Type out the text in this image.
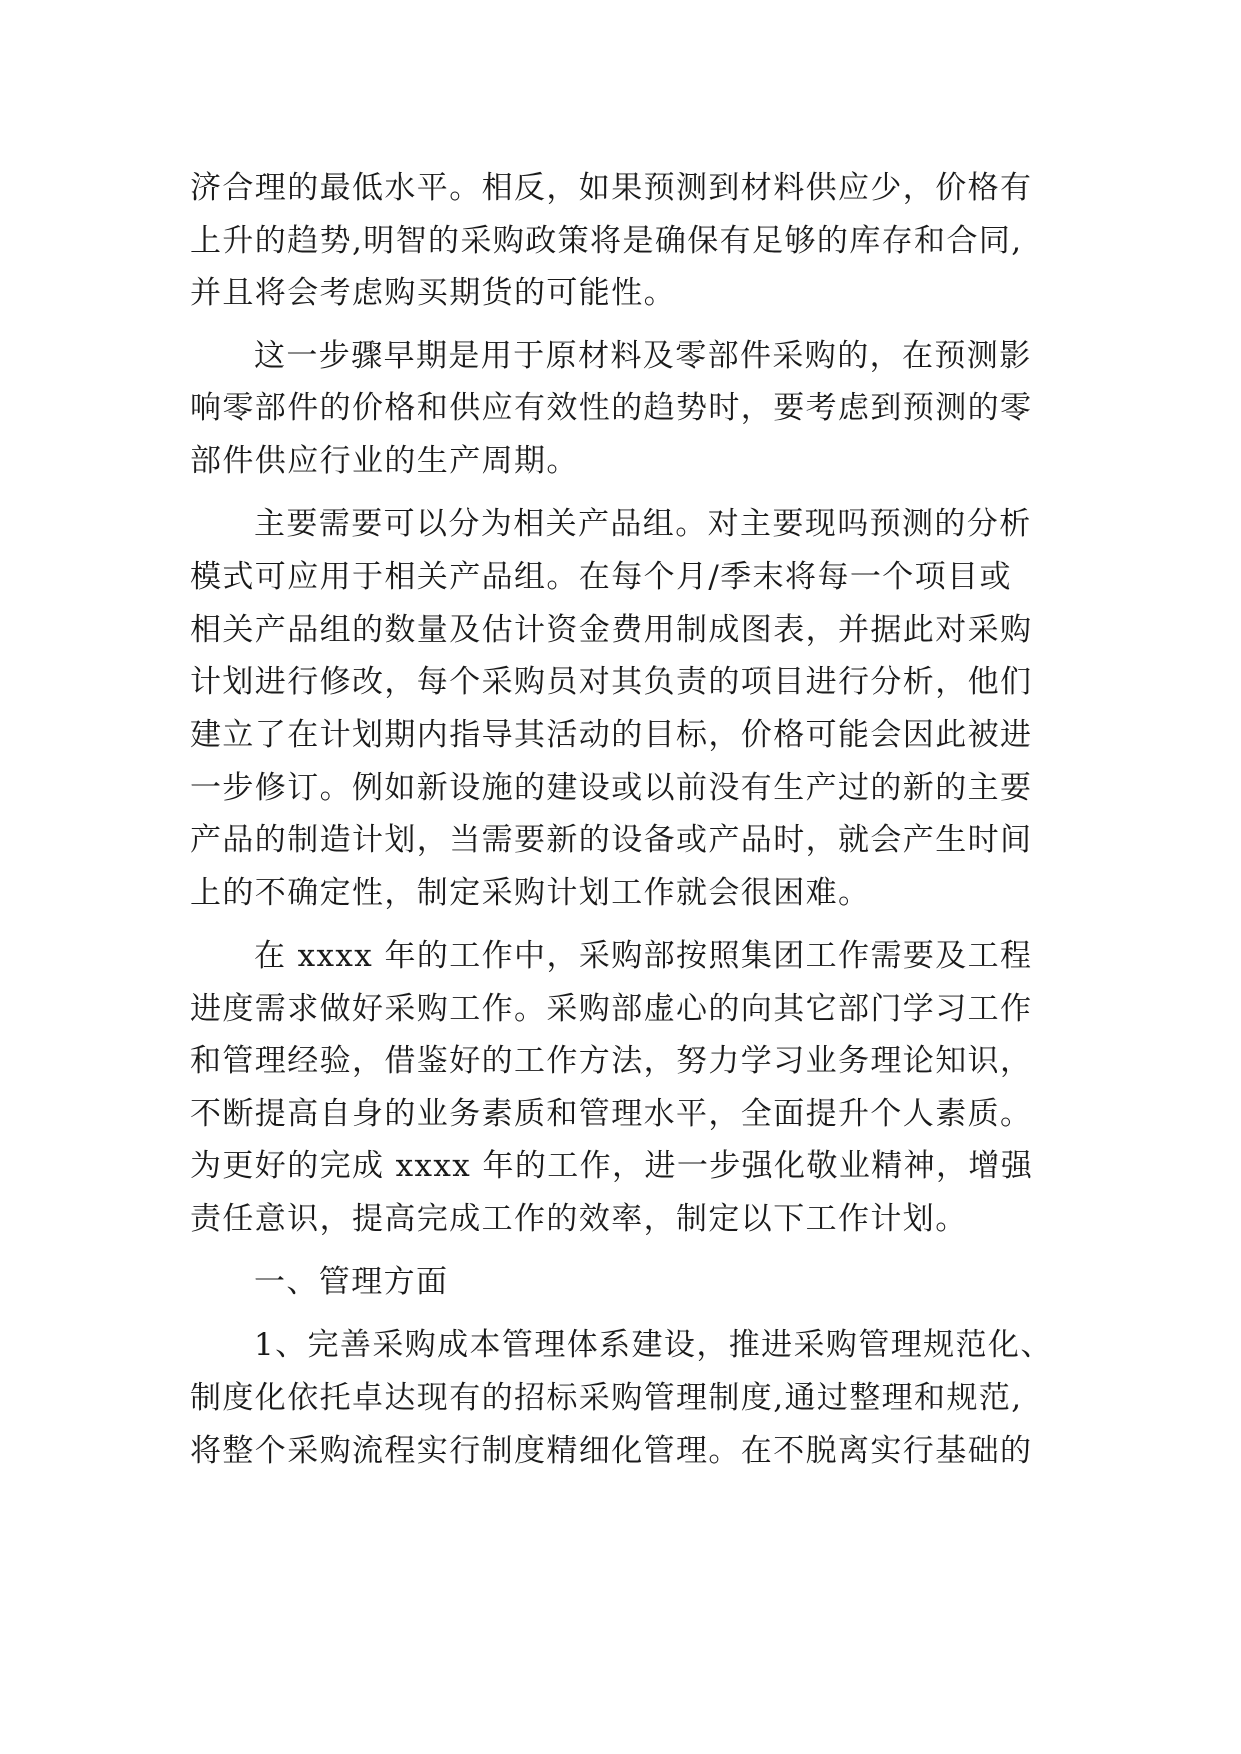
济合理的最低水平。相反，如果预测到材料供应少，价格有

上升的趋势,明智的采购政策将是确保有足够的库存和合同,

并且将会考虑购买期货的可能性。

这一步骤早期是用于原材料及零部件采购的，在预测影

响零部件的价格和供应有效性的趋势时，要考虑到预测的零

部件供应行业的生产周期。

主要需要可以分为相关产品组。对主要现吗预测的分析

模式可应用于相关产品组。在每个月/季末将每一个项目或

相关产品组的数量及估计资金费用制成图表，并据此对采购

计划进行修改，每个采购员对其负责的项目进行分析，他们

建立了在计划期内指导其活动的目标，价格可能会因此被进

一步修订。例如新设施的建设或以前没有生产过的新的主要

产品的制造计划，当需要新的设备或产品时，就会产生时间

上的不确定性，制定采购计划工作就会很困难。

在 xxxx 年的工作中，采购部按照集团工作需要及工程

进度需求做好采购工作。采购部虚心的向其它部门学习工作

和管理经验，借鉴好的工作方法，努力学习业务理论知识，

不断提高自身的业务素质和管理水平，全面提升个人素质。

为更好的完成 xxxx 年的工作，进一步强化敬业精神，增强

责任意识，提高完成工作的效率，制定以下工作计划。

一、管理方面

1、完善采购成本管理体系建设，推进采购管理规范化、

制度化依托卓达现有的招标采购管理制度,通过整理和规范,

将整个采购流程实行制度精细化管理。在不脱离实行基础的
